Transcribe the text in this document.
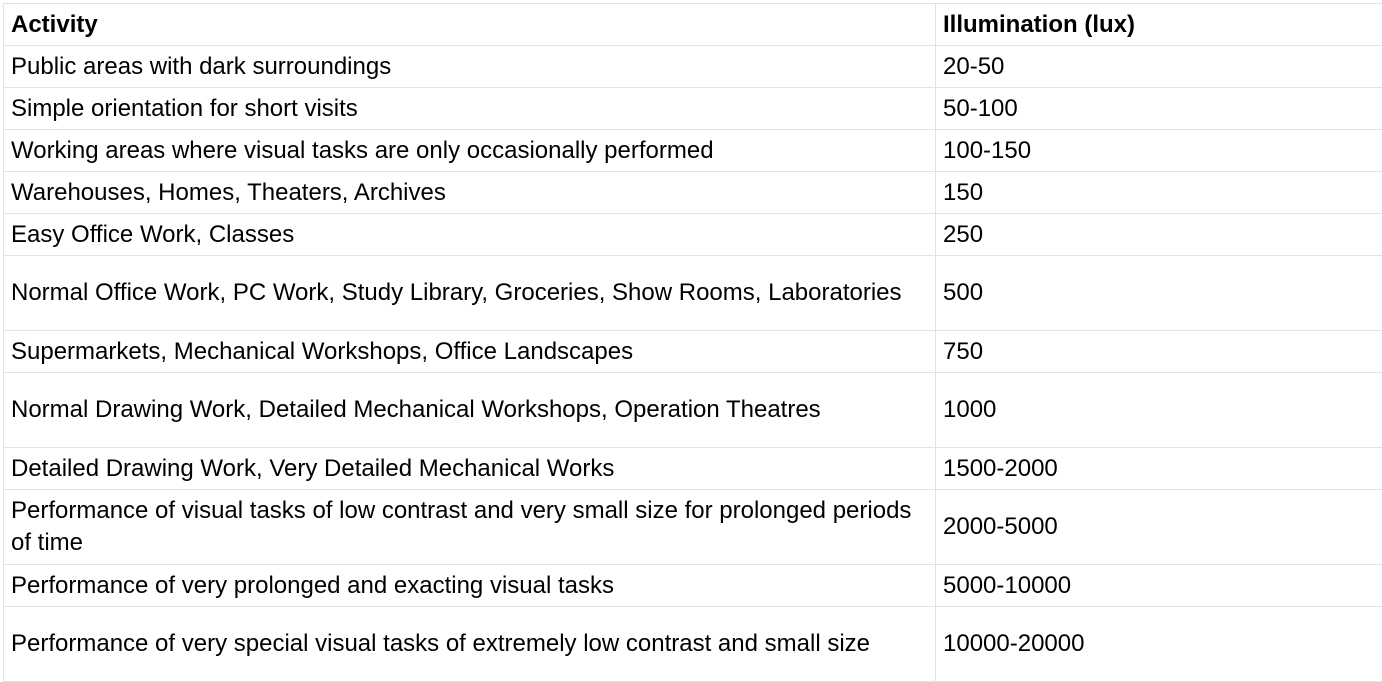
Activity	Illumination (lux)
Public areas with dark surroundings	20-50
Simple orientation for short visits	50-100
Working areas where visual tasks are only occasionally performed	100-150
Warehouses, Homes, Theaters, Archives	150
Easy Office Work, Classes	250
Normal Office Work, PC Work, Study Library, Groceries, Show Rooms, Laboratories	500
Supermarkets, Mechanical Workshops, Office Landscapes	750
Normal Drawing Work, Detailed Mechanical Workshops, Operation Theatres	1000
Detailed Drawing Work, Very Detailed Mechanical Works	1500-2000
Performance of visual tasks of low contrast and very small size for prolonged periods of time	2000-5000
Performance of very prolonged and exacting visual tasks	5000-10000
Performance of very special visual tasks of extremely low contrast and small size	10000-20000
